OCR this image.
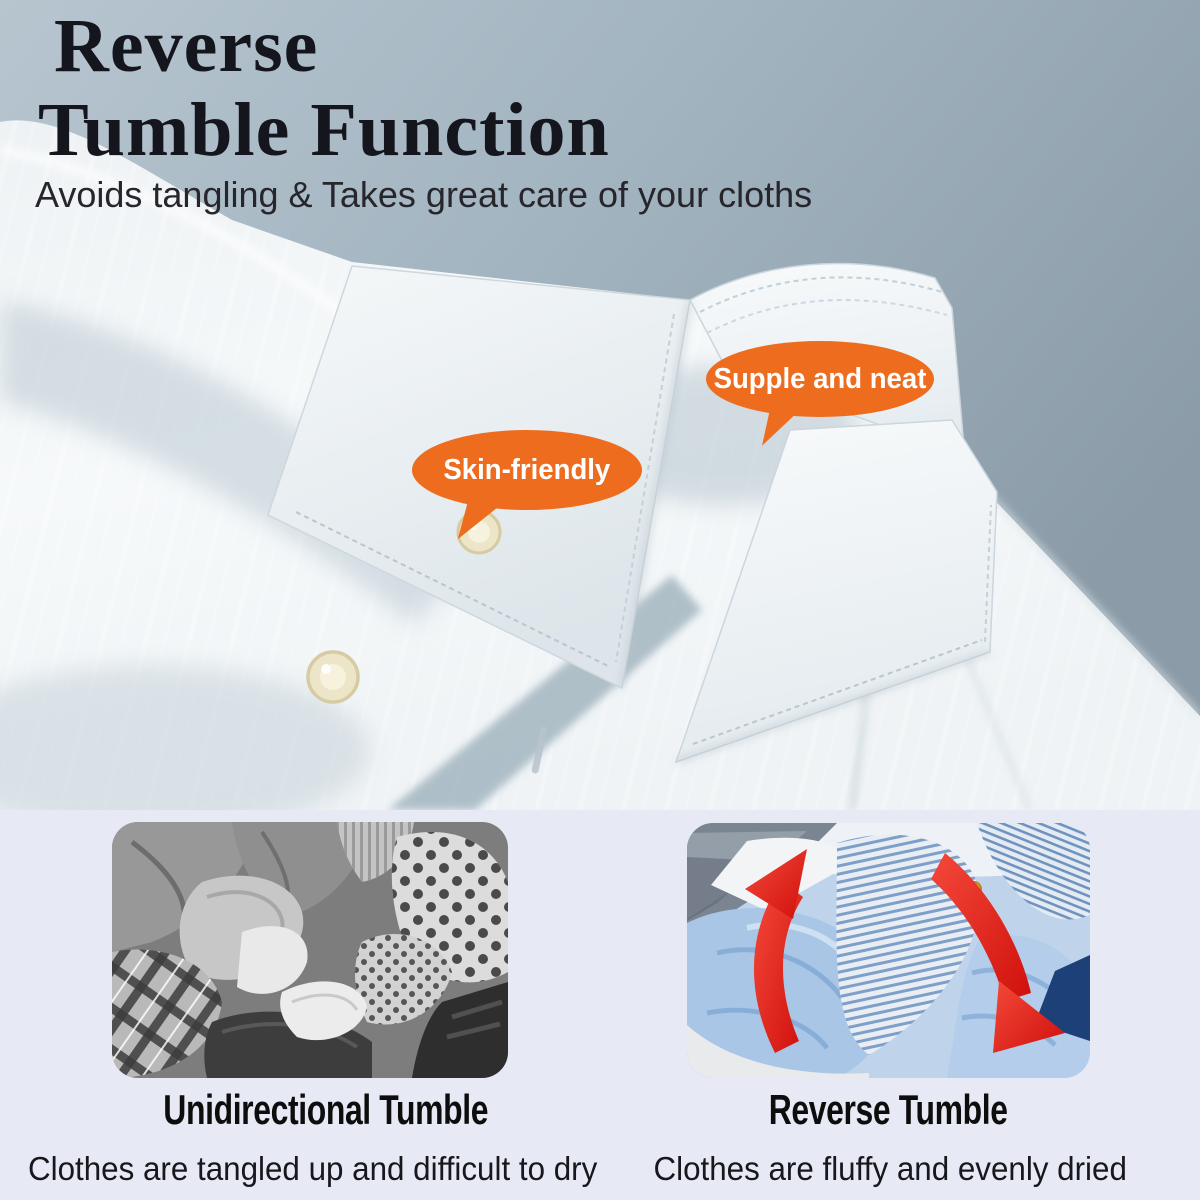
Reverse
Tumble Function
Avoids tangling & Takes great care of your cloths
Skin-friendly
Supple and neat
Unidirectional Tumble	Reverse Tumble
Clothes are tangled up and difficult to dry	Clothes are fluffy and evenly dried
